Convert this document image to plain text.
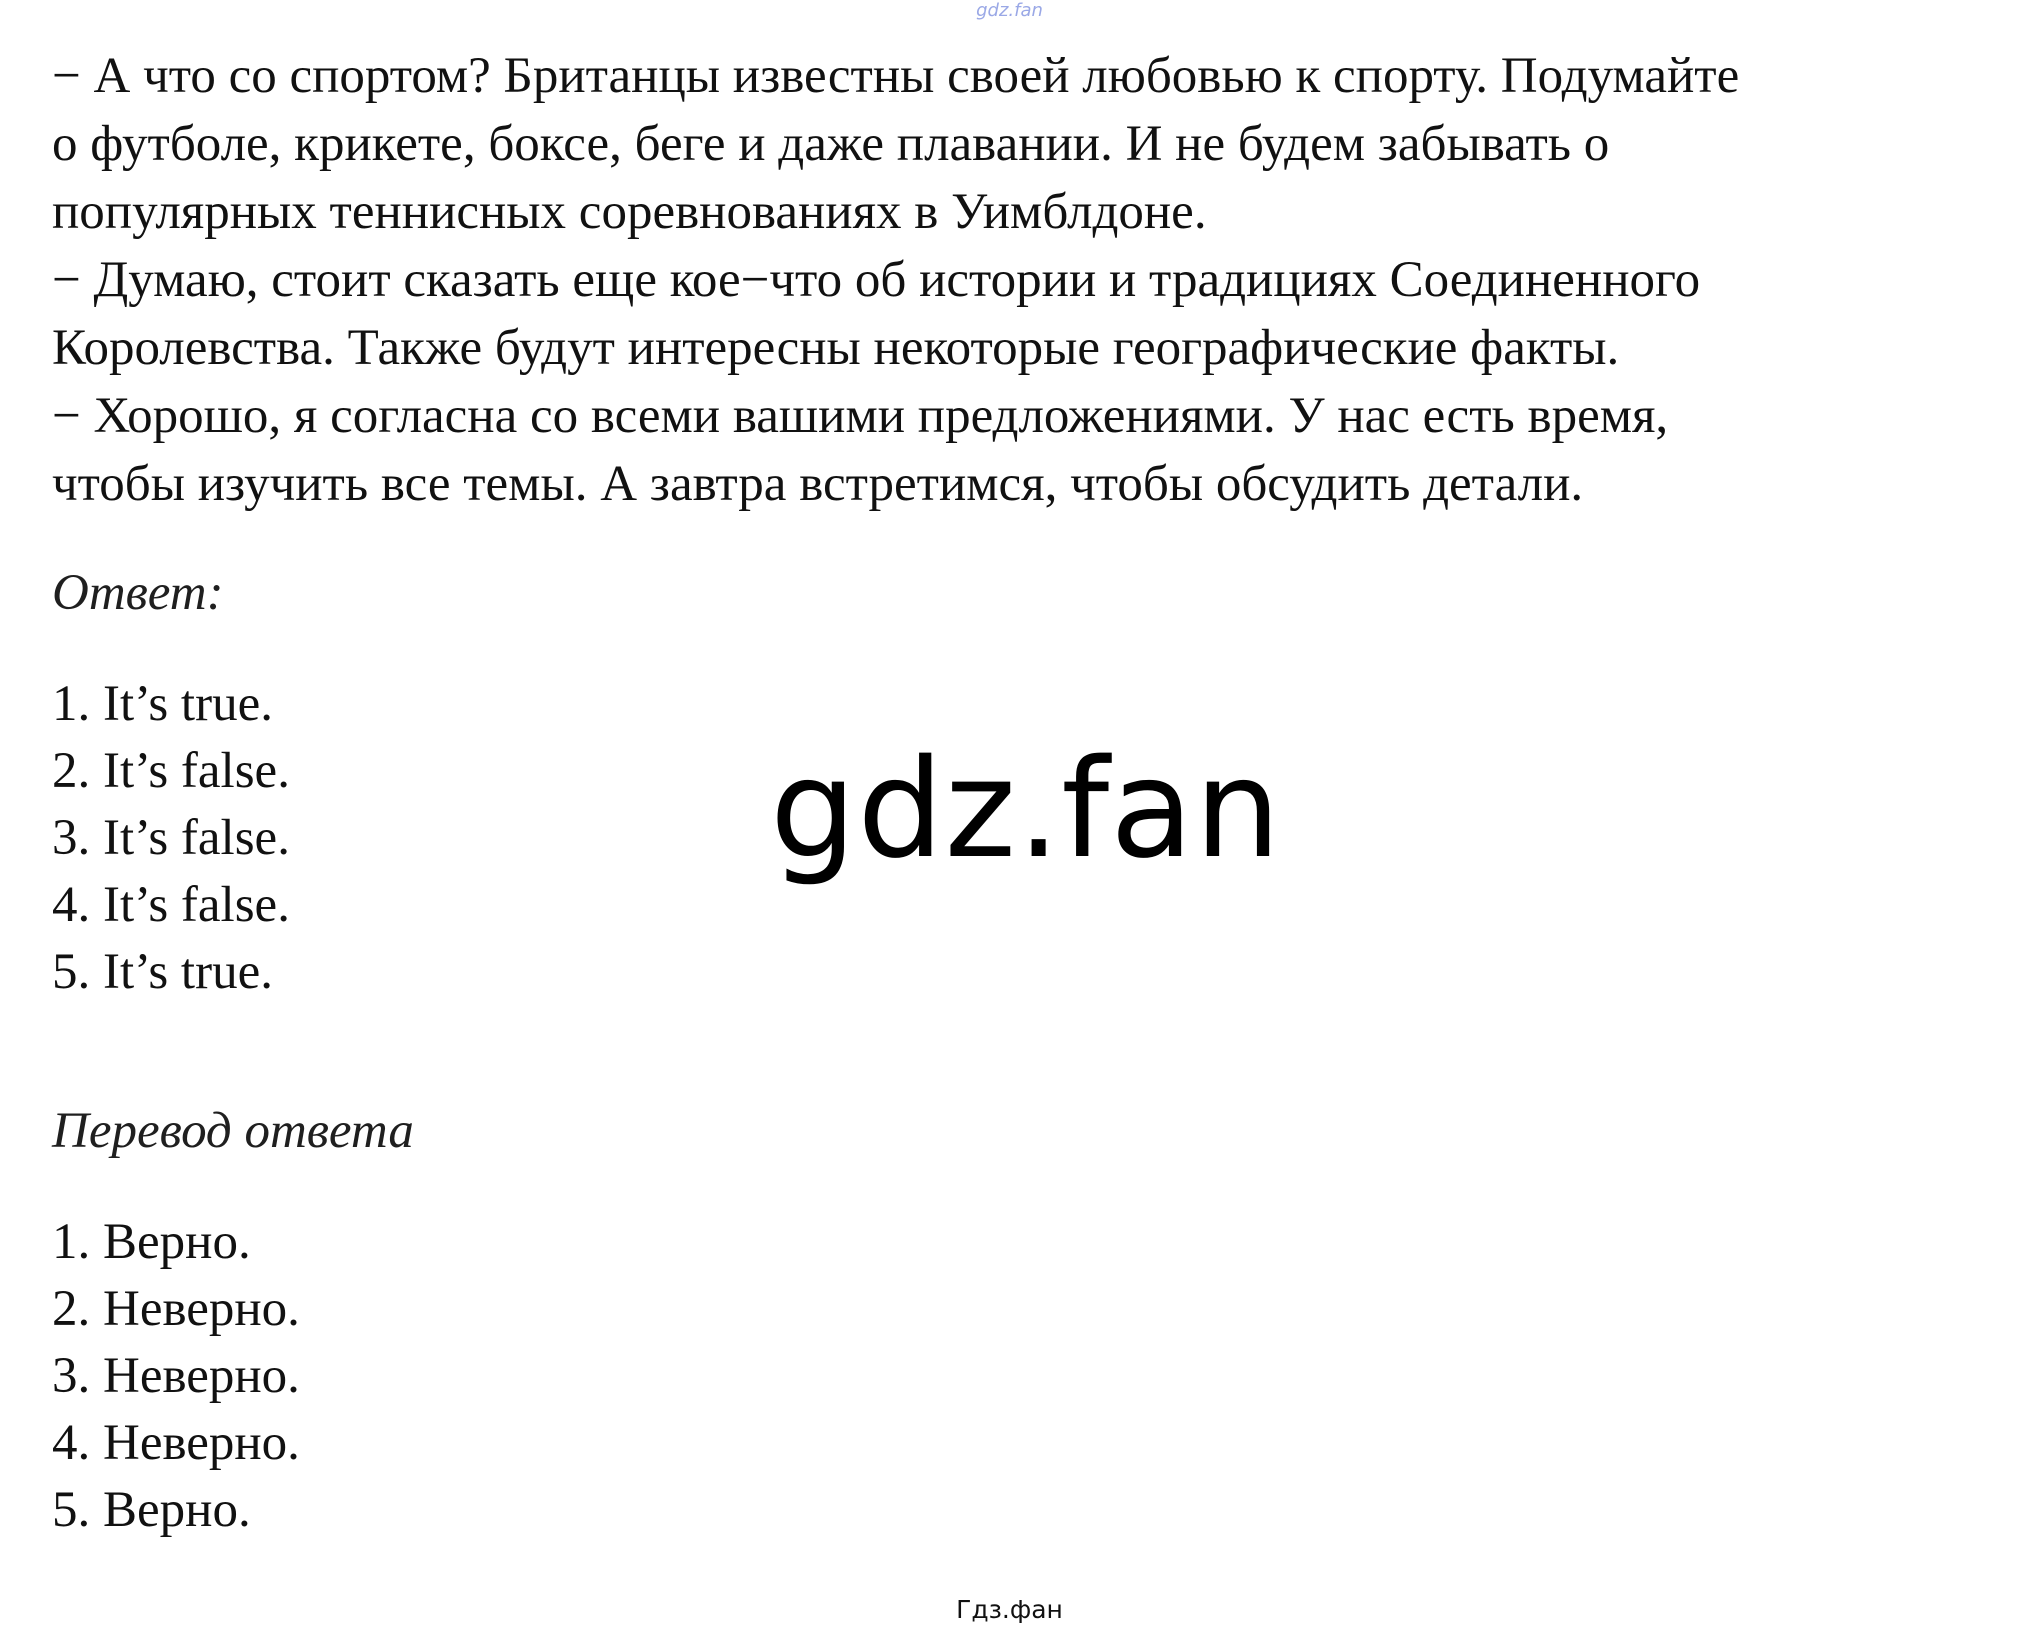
gdz.fan

− А что со спортом? Британцы известны своей любовью к спорту. Подумайте

о футболе, крикете, боксе, беге и даже плавании. И не будем забывать о

популярных теннисных соревнованиях в Уимблдоне.

− Думаю, стоит сказать еще кое−что об истории и традициях Соединенного

Королевства. Также будут интересны некоторые географические факты.

− Хорошо, я согласна со всеми вашими предложениями. У нас есть время,

чтобы изучить все темы. А завтра встретимся, чтобы обсудить детали.

Ответ:

1. It’s true.
2. It’s false.
3. It’s false.
4. It’s false.
5. It’s true.

Перевод ответа

1. Верно.
2. Неверно.
3. Неверно.
4. Неверно.
5. Верно.
gdz.fan
Гдз.фан
